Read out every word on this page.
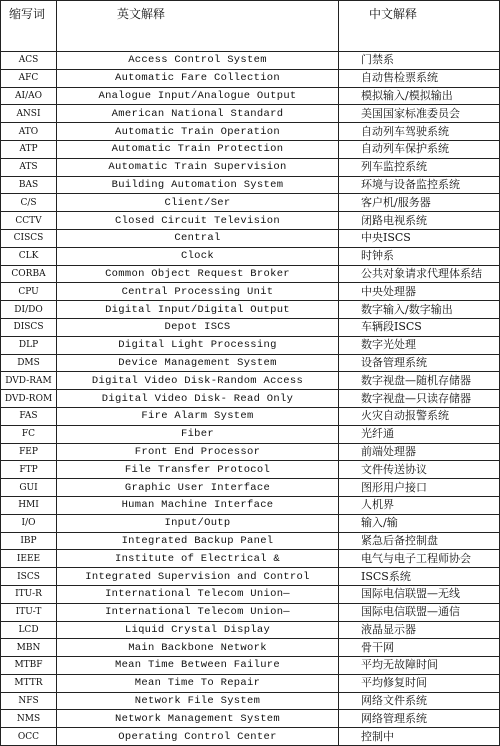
缩写词	英文解释	中文解释
ACS	Access Control System	门禁系
AFC	Automatic Fare Collection	自动售检票系统
AI/AO	Analogue Input/Analogue Output	模拟输入/模拟输出
ANSI	American National Standard	美国国家标准委员会
ATO	Automatic Train Operation	自动列车驾驶系统
ATP	Automatic Train Protection	自动列车保护系统
ATS	Automatic Train Supervision	列车监控系统
BAS	Building Automation System	环境与设备监控系统
C/S	Client/Ser	客户机/服务器
CCTV	Closed Circuit Television	闭路电视系统
CISCS	Central	中央ISCS
CLK	Clock	时钟系
CORBA	Common Object Request Broker	公共对象请求代理体系结
CPU	Central Processing Unit	中央处理器
DI/DO	Digital Input/Digital Output	数字输入/数字输出
DISCS	Depot ISCS	车辆段ISCS
DLP	Digital Light Processing	数字光处理
DMS	Device Management System	设备管理系统
DVD-RAM	Digital Video Disk-Random Access	数字视盘—随机存储器
DVD-ROM	Digital Video Disk- Read Only	数字视盘—只读存储器
FAS	Fire Alarm System	火灾自动报警系统
FC	Fiber	光纤通
FEP	Front End Processor	前端处理器
FTP	File Transfer Protocol	文件传送协议
GUI	Graphic User Interface	图形用户接口
HMI	Human Machine Interface	人机界
I/O	Input/Outp	输入/输
IBP	Integrated Backup Panel	紧急后备控制盘
IEEE	Institute of Electrical &	电气与电子工程师协会
ISCS	Integrated Supervision and Control	ISCS系统
ITU-R	International Telecom Union—	国际电信联盟—无线
ITU-T	International Telecom Union—	国际电信联盟—通信
LCD	Liquid Crystal Display	液晶显示器
MBN	Main Backbone Network	骨干网
MTBF	Mean Time Between Failure	平均无故障时间
MTTR	Mean Time To Repair	平均修复时间
NFS	Network File System	网络文件系统
NMS	Network Management System	网络管理系统
OCC	Operating Control Center	控制中
